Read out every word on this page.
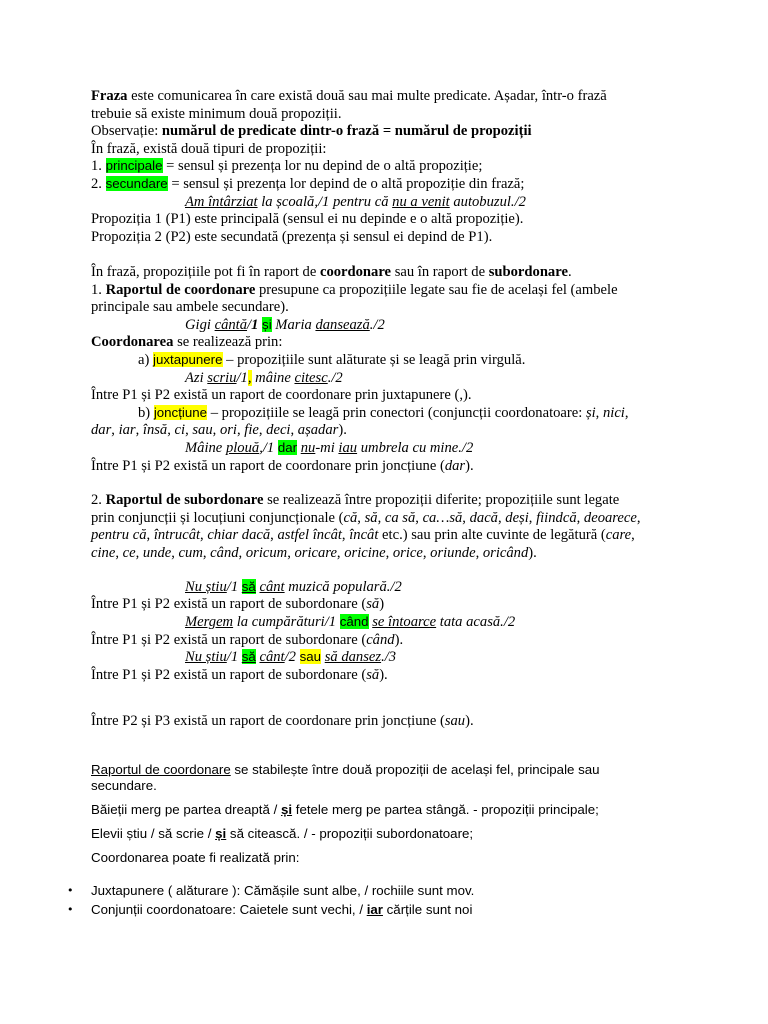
Fraza este comunicarea în care există două sau mai multe predicate. Așadar, într-o frază
trebuie să existe minimum două propoziții.
Observație: numărul de predicate dintr-o frază = numărul de propoziții
În frază, există două tipuri de propoziții:
1. principale = sensul și prezența lor nu depind de o altă propoziție;
2. secundare = sensul și prezența lor depind de o altă propoziție din frază;
Am întârziat la școală,/1 pentru că nu a venit autobuzul./2
Propoziția 1 (P1) este principală (sensul ei nu depinde e o altă propoziție).
Propoziția 2 (P2) este secundată (prezența și sensul ei depind de P1).
În frază, propozițiile pot fi în raport de coordonare sau în raport de subordonare.
1. Raportul de coordonare presupune ca propozițiile legate sau fie de același fel (ambele
principale sau ambele secundare).
Gigi cântă/1 și Maria dansează./2
Coordonarea se realizează prin:
a) juxtapunere – propozițiile sunt alăturate și se leagă prin virgulă.
Azi scriu/1, mâine citesc./2
Între P1 și P2 există un raport de coordonare prin juxtapunere (,).
b) joncțiune – propozițiile se leagă prin conectori (conjuncții coordonatoare: și, nici,
dar, iar, însă, ci, sau, ori, fie, deci, așadar).
Mâine plouă,/1 dar nu-mi iau umbrela cu mine./2
Între P1 și P2 există un raport de coordonare prin joncțiune (dar).
2. Raportul de subordonare se realizează între propoziții diferite; propozițiile sunt legate
prin conjuncții și locuțiuni conjuncționale (că, să, ca să, ca…să, dacă, deși, fiindcă, deoarece,
pentru că, întrucât, chiar dacă, astfel încât, încât etc.) sau prin alte cuvinte de legătură (care,
cine, ce, unde, cum, când, oricum, oricare, oricine, orice, oriunde, oricând).
Nu știu/1 să cânt muzică populară./2
Între P1 și P2 există un raport de subordonare (să)
Mergem la cumpărături/1 când se întoarce tata acasă./2
Între P1 și P2 există un raport de subordonare (când).
Nu știu/1 să cânt/2 sau să dansez./3
Între P1 și P2 există un raport de subordonare (să).
Între P2 și P3 există un raport de coordonare prin joncțiune (sau).
Raportul de coordonare se stabilește între două propoziții de același fel, principale sau
secundare.
Băieții merg pe partea dreaptă / și fetele merg pe partea stângă. - propoziții principale;
Elevii știu / să scrie / și să citească. / - propoziții subordonatoare;
Coordonarea poate fi realizată prin:
Juxtapunere ( alăturare ): Cămășile sunt albe, / rochiile sunt mov.
•
Conjunții coordonatoare: Caietele sunt vechi, / iar cărțile sunt noi
•
